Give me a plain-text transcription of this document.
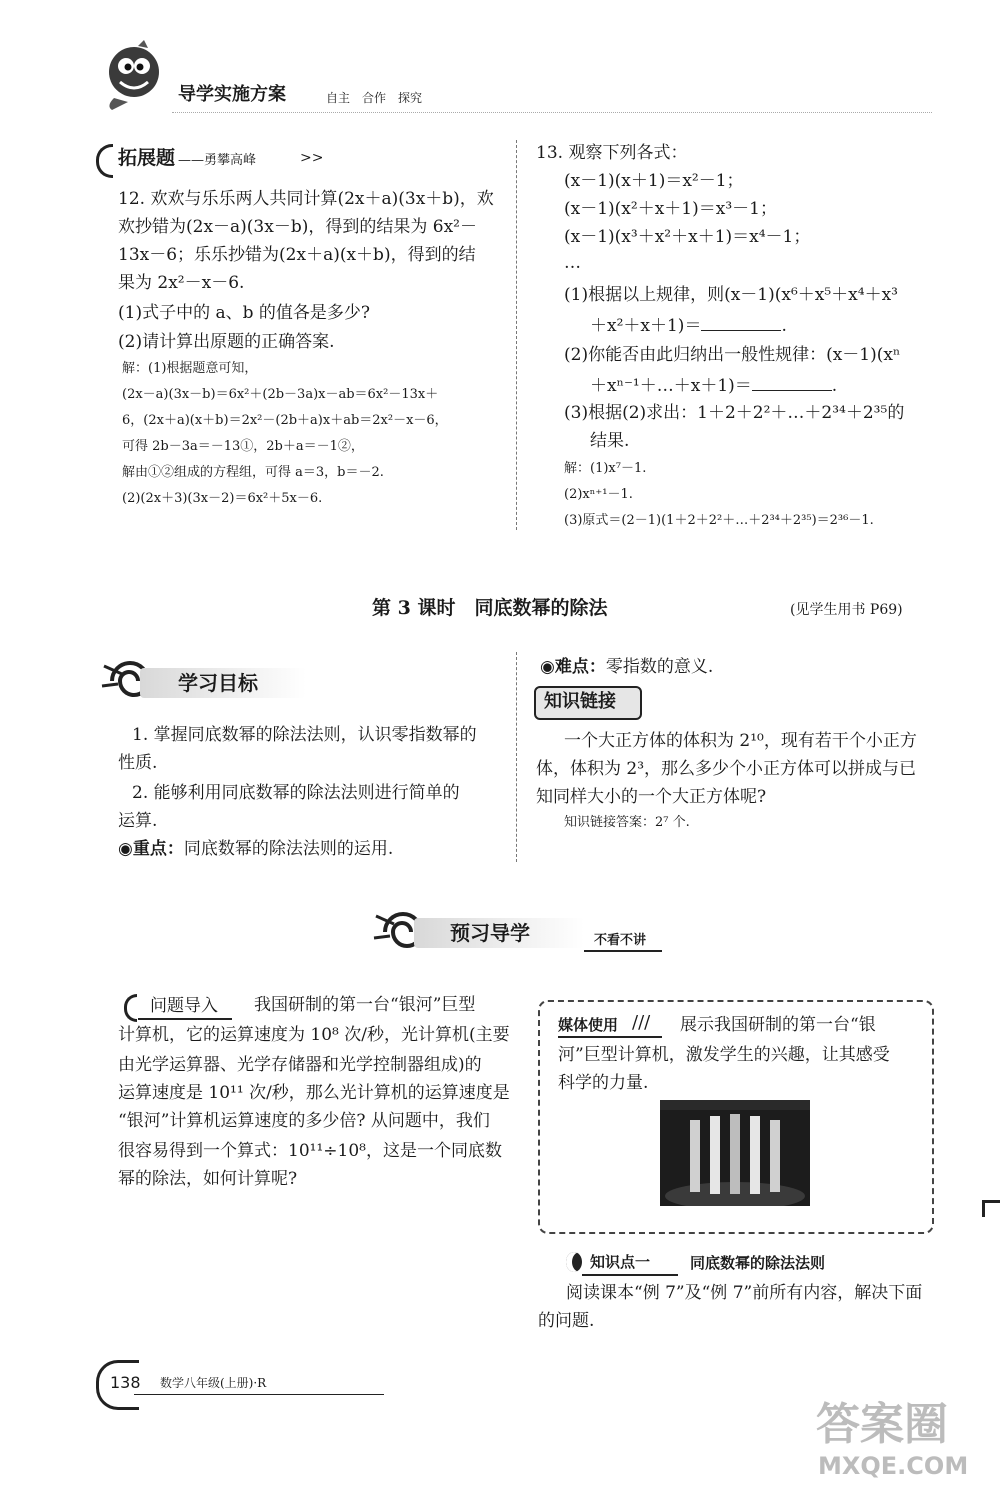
导学实施方案	自主　合作　探究
拓展题 ——勇攀高峰	>>
12. 欢欢与乐乐两人共同计算(2x＋a)(3x＋b)，欢
欢抄错为(2x－a)(3x－b)，得到的结果为 6x²－
13x－6；乐乐抄错为(2x＋a)(x＋b)，得到的结
果为 2x²－x－6.
(1)式子中的 a、b 的值各是多少?
(2)请计算出原题的正确答案.
解：(1)根据题意可知，
(2x－a)(3x－b)＝6x²＋(2b－3a)x－ab＝6x²－13x＋
6，(2x＋a)(x＋b)＝2x²－(2b＋a)x＋ab＝2x²－x－6，
可得 2b－3a＝－13①，2b＋a＝－1②，
解由①②组成的方程组，可得 a＝3，b＝－2.
(2)(2x＋3)(3x－2)＝6x²＋5x－6.
13. 观察下列各式：
(x－1)(x＋1)＝x²－1；
(x－1)(x²＋x＋1)＝x³－1；
(x－1)(x³＋x²＋x＋1)＝x⁴－1；
…
(1)根据以上规律，则(x－1)(x⁶＋x⁵＋x⁴＋x³
＋x²＋x＋1)＝	.
(2)你能否由此归纳出一般性规律：(x－1)(xⁿ
＋xⁿ⁻¹＋…＋x＋1)＝	.
(3)根据(2)求出：1＋2＋2²＋…＋2³⁴＋2³⁵的
结果.
解：(1)x⁷－1.
(2)xⁿ⁺¹－1.
(3)原式＝(2－1)(1＋2＋2²＋…＋2³⁴＋2³⁵)＝2³⁶－1.
第 3 课时　同底数幂的除法	(见学生用书 P69)
学习目标
1. 掌握同底数幂的除法法则，认识零指数幂的
性质.
2. 能够利用同底数幂的除法法则进行简单的
运算.
◉重点：同底数幂的除法法则的运用.
◉难点：零指数的意义.
知识链接
一个大正方体的体积为 2¹⁰，现有若干个小正方
体，体积为 2³，那么多少个小正方体可以拼成与已
知同样大小的一个大正方体呢?
知识链接答案：2⁷ 个.
预习导学	不看不讲
问题导入 我国研制的第一台“银河”巨型
计算机，它的运算速度为 10⁸ 次/秒，光计算机(主要
由光学运算器、光学存储器和光学控制器组成)的
运算速度是 10¹¹ 次/秒，那么光计算机的运算速度是
“银河”计算机运算速度的多少倍? 从问题中，我们
很容易得到一个算式：10¹¹÷10⁸，这是一个同底数
幂的除法，如何计算呢?
媒体使用 /// 展示我国研制的第一台“银
河”巨型计算机，激发学生的兴趣，让其感受
科学的力量.
知识点一	同底数幂的除法法则
阅读课本“例 7”及“例 7”前所有内容，解决下面
的问题.
138 数学八年级(上册)·R
答案圈
MXQE.COM
